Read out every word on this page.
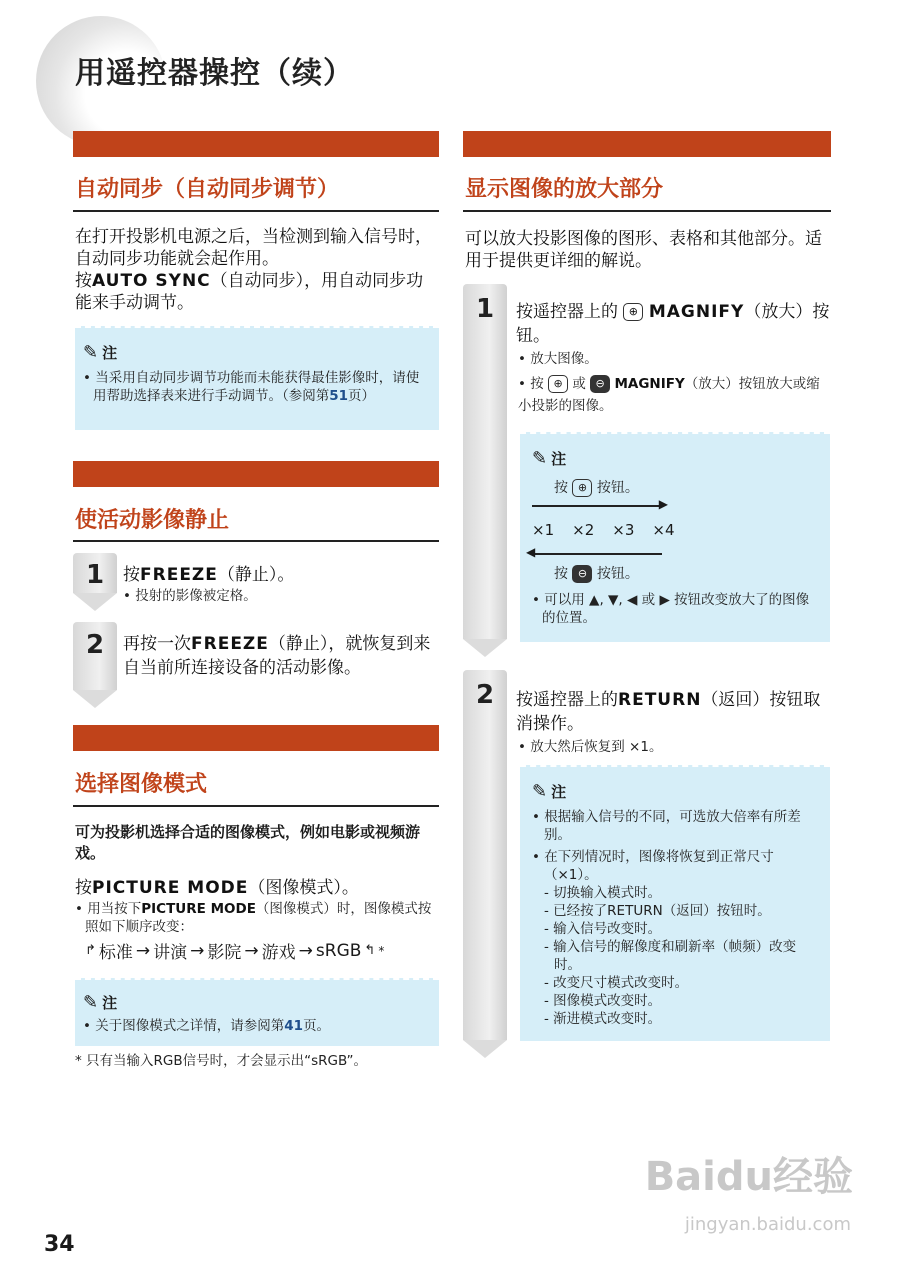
用遥控器操控（续）
自动同步（自动同步调节）
在打开投影机电源之后，当检测到输入信号时，自动同步功能就会起作用。
按AUTO SYNC（自动同步），用自动同步功能来手动调节。
✎ 注
• 当采用自动同步调节功能而未能获得最佳影像时，请使用帮助选择表来进行手动调节。（参阅第51页）
使活动影像静止
1	按FREEZE（静止）。
• 投射的影像被定格。
2	再按一次FREEZE（静止），就恢复到来自当前所连接设备的活动影像。
选择图像模式
可为投影机选择合适的图像模式，例如电影或视频游戏。
按PICTURE MODE（图像模式）。
• 用当按下PICTURE MODE（图像模式）时，图像模式按照如下顺序改变：
↱ 标准 → 讲演 → 影院 → 游戏 → sRGB ↰ *
✎ 注
• 关于图像模式之详情，请参阅第41页。
* 只有当输入RGB信号时，才会显示出“sRGB”。
显示图像的放大部分
可以放大投影图像的图形、表格和其他部分。适用于提供更详细的解说。
1	按遥控器上的 ⊕ MAGNIFY（放大）按钮。
• 放大图像。
• 按 ⊕ 或 ⊖ MAGNIFY（放大）按钮放大或缩小投影的图像。
✎ 注
按 ⊕ 按钮。
▶
×1 ×2 ×3 ×4
◀
按 ⊖ 按钮。
• 可以用 ▲, ▼, ◀ 或 ▶ 按钮改变放大了的图像的位置。
2	按遥控器上的RETURN（返回）按钮取消操作。
• 放大然后恢复到 ×1。
✎ 注
• 根据输入信号的不同，可选放大倍率有所差别。
• 在下列情况时，图像将恢复到正常尺寸（×1）。
- 切换输入模式时。
- 已经按了RETURN（返回）按钮时。
- 输入信号改变时。
- 输入信号的解像度和刷新率（帧频）改变时。
- 改变尺寸模式改变时。
- 图像模式改变时。
- 渐进模式改变时。
34
Baidu经验
jingyan.baidu.com
